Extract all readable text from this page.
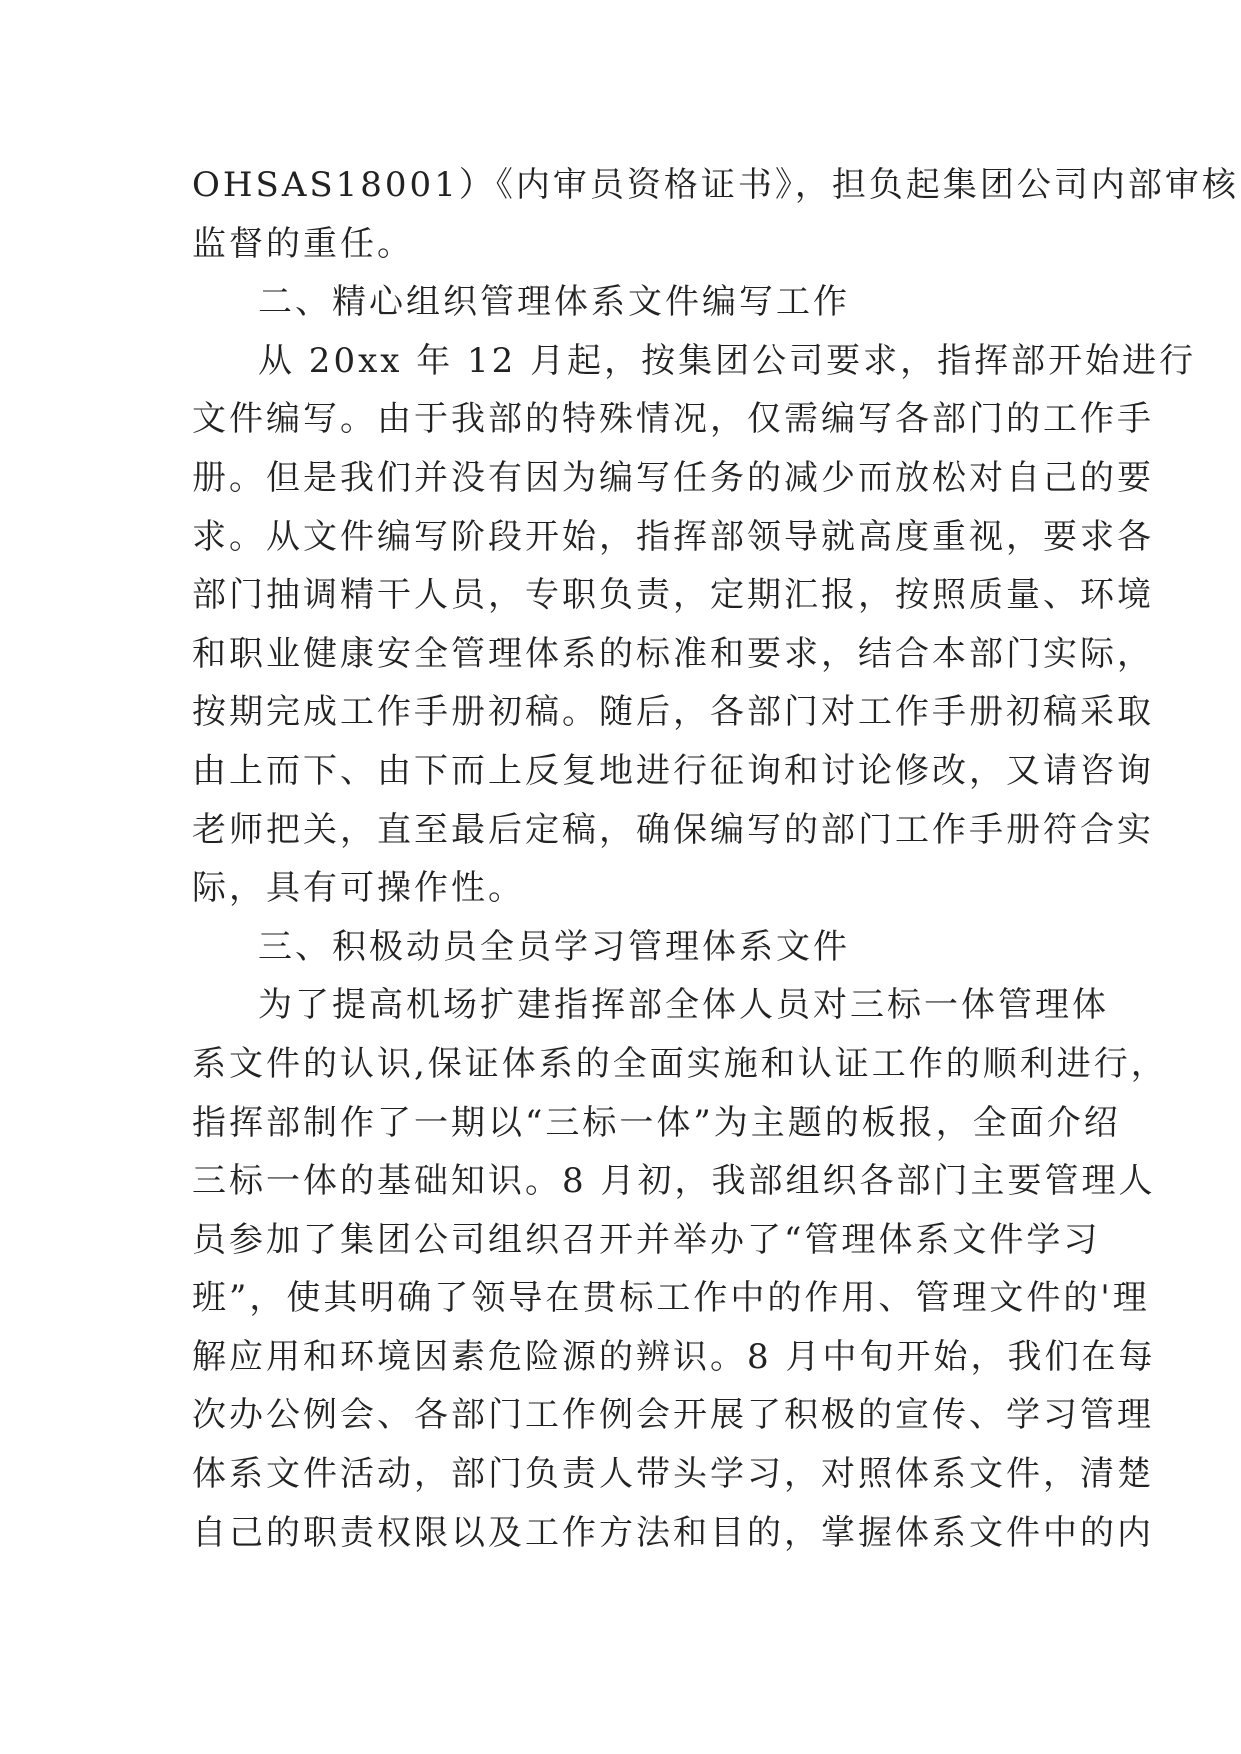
OHSAS18001）《内审员资格证书》，担负起集团公司内部审核
监督的重任。
二、精心组织管理体系文件编写工作
从 20xx 年 12 月起，按集团公司要求，指挥部开始进行
文件编写。由于我部的特殊情况，仅需编写各部门的工作手
册。但是我们并没有因为编写任务的减少而放松对自己的要
求。从文件编写阶段开始，指挥部领导就高度重视，要求各
部门抽调精干人员，专职负责，定期汇报，按照质量、环境
和职业健康安全管理体系的标准和要求，结合本部门实际，
按期完成工作手册初稿。随后，各部门对工作手册初稿采取
由上而下、由下而上反复地进行征询和讨论修改，又请咨询
老师把关，直至最后定稿，确保编写的部门工作手册符合实
际，具有可操作性。
三、积极动员全员学习管理体系文件
为了提高机场扩建指挥部全体人员对三标一体管理体
系文件的认识,保证体系的全面实施和认证工作的顺利进行，
指挥部制作了一期以“三标一体”为主题的板报，全面介绍
三标一体的基础知识。8 月初，我部组织各部门主要管理人
员参加了集团公司组织召开并举办了“管理体系文件学习
班”，使其明确了领导在贯标工作中的作用、管理文件的'理
解应用和环境因素危险源的辨识。8 月中旬开始，我们在每
次办公例会、各部门工作例会开展了积极的宣传、学习管理
体系文件活动，部门负责人带头学习，对照体系文件，清楚
自己的职责权限以及工作方法和目的，掌握体系文件中的内
